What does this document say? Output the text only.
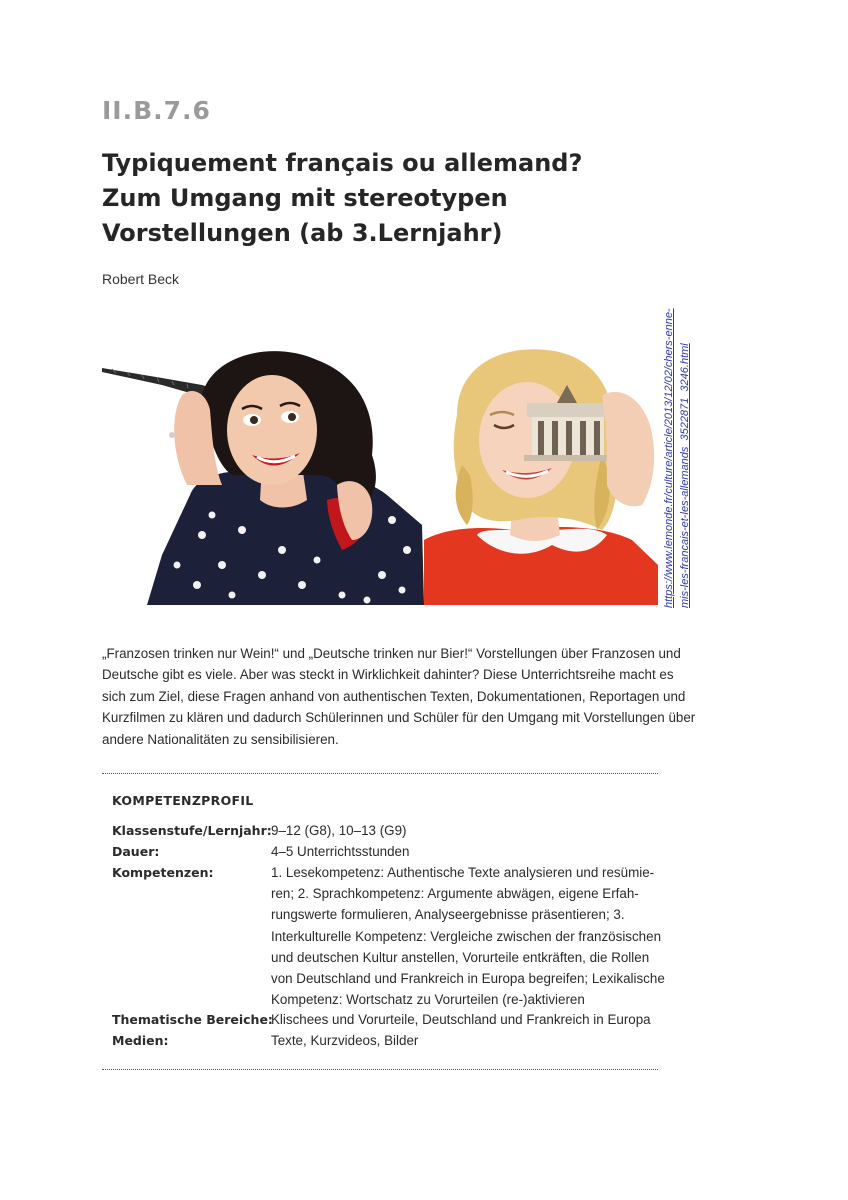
II.B.7.6
Typiquement français ou allemand?
Zum Umgang mit stereotypen
Vorstellungen (ab 3.Lernjahr)
Robert Beck
https://www.lemonde.fr/culture/article/2013/12/02/chers-enne- mis-les-francais-et-les-allemands_3522871_3246.html
„Franzosen trinken nur Wein!“ und „Deutsche trinken nur Bier!“ Vorstellungen über Franzosen und
Deutsche gibt es viele. Aber was steckt in Wirklichkeit dahinter? Diese Unterrichtsreihe macht es
sich zum Ziel, diese Fragen anhand von authentischen Texten, Dokumentationen, Reportagen und
Kurzfilmen zu klären und dadurch Schülerinnen und Schüler für den Umgang mit Vorstellungen über
andere Nationalitäten zu sensibilisieren.
KOMPETENZPROFIL
Klassenstufe/Lernjahr: 9–12 (G8), 10–13 (G9)
Dauer:	4–5 Unterrichtsstunden
Kompetenzen:	1. Lesekompetenz: Authentische Texte analysieren und resümie-
ren; 2. Sprachkompetenz: Argumente abwägen, eigene Erfah-
rungswerte formulieren, Analyseergebnisse präsentieren; 3.
Interkulturelle Kompetenz: Vergleiche zwischen der französischen
und deutschen Kultur anstellen, Vorurteile entkräften, die Rollen
von Deutschland und Frankreich in Europa begreifen; Lexikalische
Kompetenz: Wortschatz zu Vorurteilen (re-)aktivieren
Thematische Bereiche:
Klischees und Vorurteile, Deutschland und Frankreich in Europa
Medien:	Texte, Kurzvideos, Bilder
